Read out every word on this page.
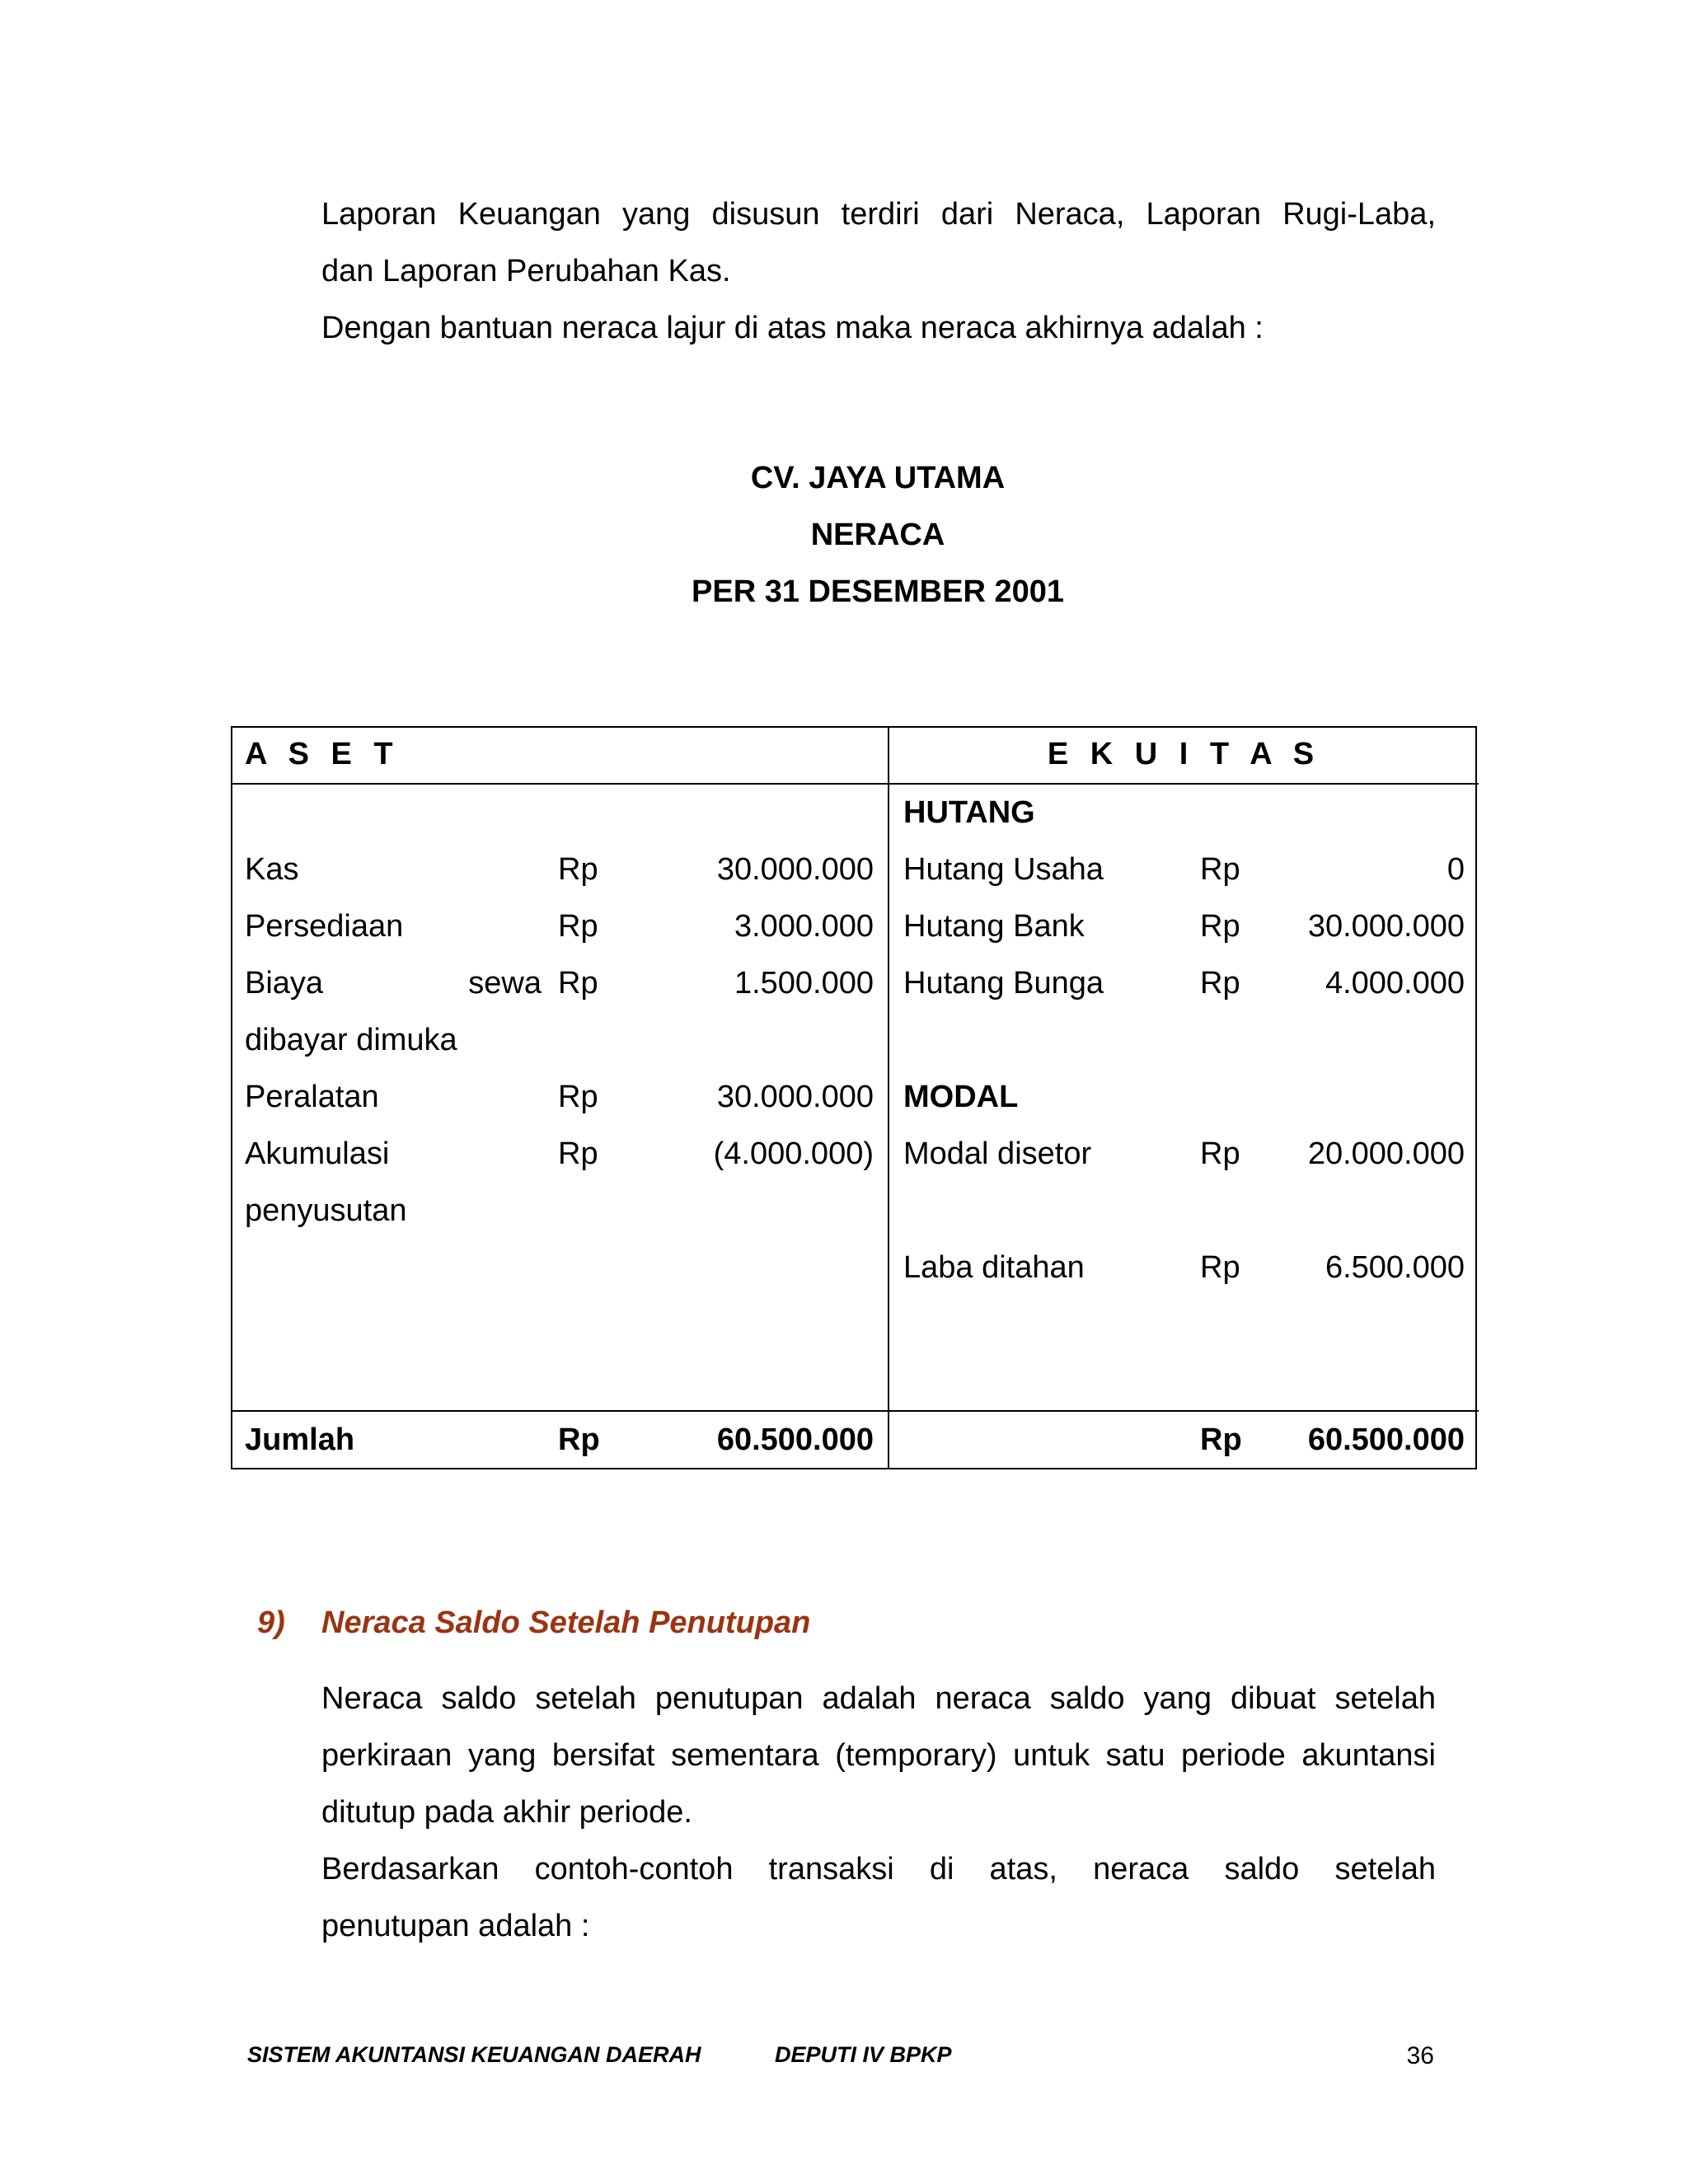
Laporan Keuangan yang disusun terdiri dari Neraca, Laporan Rugi-Laba,
dan Laporan Perubahan Kas.
Dengan bantuan neraca lajur di atas maka neraca akhirnya adalah :

CV. JAYA UTAMA

NERACA

PER 31 DESEMBER 2001

A S E T			E K U I T A S		
			HUTANG		
Kas	Rp	30.000.000	Hutang Usaha	Rp	0
Persediaan	Rp	3.000.000	Hutang Bank	Rp	30.000.000

Biaya sewa	Rp	1.500.000	Hutang Bunga	Rp	4.000.000
dibayar dimuka					
Peralatan	Rp	30.000.000	MODAL		
Akumulasi	Rp	(4.000.000)	Modal disetor	Rp	20.000.000
penyusutan					
			Laba ditahan	Rp	6.500.000

Jumlah	Rp	60.500.000		Rp	60.500.000

9) Neraca Saldo Setelah Penutupan

Neraca saldo setelah penutupan adalah neraca saldo yang dibuat setelah
perkiraan yang bersifat sementara (temporary) untuk satu periode akuntansi
ditutup pada akhir periode.
Berdasarkan contoh-contoh transaksi di atas, neraca saldo setelah
penutupan adalah :
SISTEM AKUNTANSI KEUANGAN DAERAH	DEPUTI IV BPKP	36
